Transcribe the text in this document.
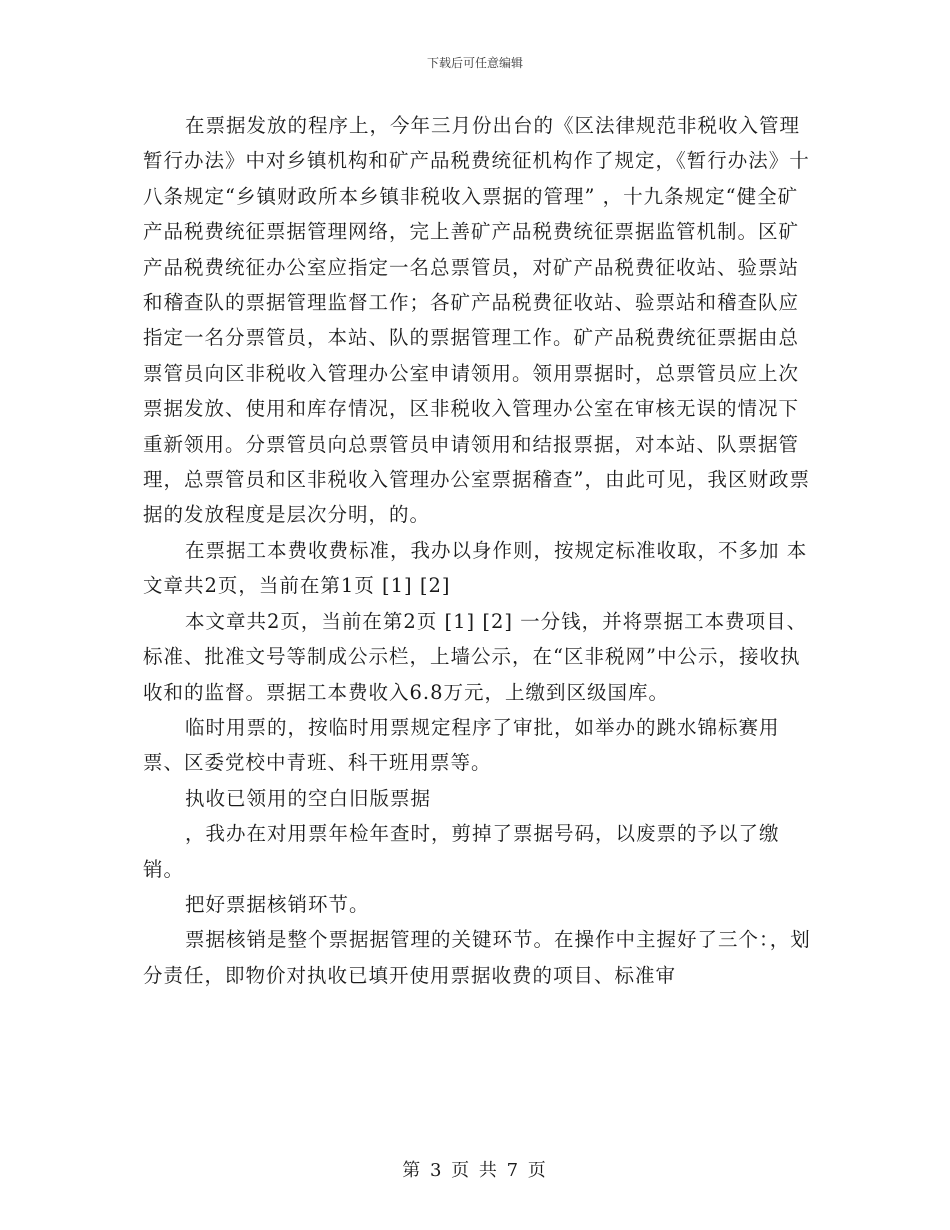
下载后可任意编辑

在票据发放的程序上，今年三月份出台的《区法律规范非税收入管理暂行办法》中对乡镇机构和矿产品税费统征机构作了规定，《暂行办法》十八条规定“乡镇财政所本乡镇非税收入票据的管理” ，十九条规定“健全矿产品税费统征票据管理网络，完上善矿产品税费统征票据监管机制。区矿产品税费统征办公室应指定一名总票管员，对矿产品税费征收站、验票站和稽查队的票据管理监督工作；各矿产品税费征收站、验票站和稽查队应指定一名分票管员，本站、队的票据管理工作。矿产品税费统征票据由总票管员向区非税收入管理办公室申请领用。领用票据时，总票管员应上次票据发放、使用和库存情况，区非税收入管理办公室在审核无误的情况下重新领用。分票管员向总票管员申请领用和结报票据，对本站、队票据管理，总票管员和区非税收入管理办公室票据稽查”，由此可见，我区财政票据的发放程度是层次分明，的。

在票据工本费收费标准，我办以身作则，按规定标准收取，不多加 本文章共2页，当前在第1页 [1] [2]

本文章共2页，当前在第2页 [1] [2] 一分钱，并将票据工本费项目、标准、批准文号等制成公示栏，上墙公示，在“区非税网”中公示，接收执收和的监督。票据工本费收入6.8万元，上缴到区级国库。

临时用票的，按临时用票规定程序了审批，如举办的跳水锦标赛用票、区委党校中青班、科干班用票等。

执收已领用的空白旧版票据

，我办在对用票年检年查时，剪掉了票据号码，以废票的予以了缴销。

把好票据核销环节。

票据核销是整个票据据管理的关键环节。在操作中主握好了三个：，划分责任，即物价对执收已填开使用票据收费的项目、标准审

第 3 页 共 7 页
